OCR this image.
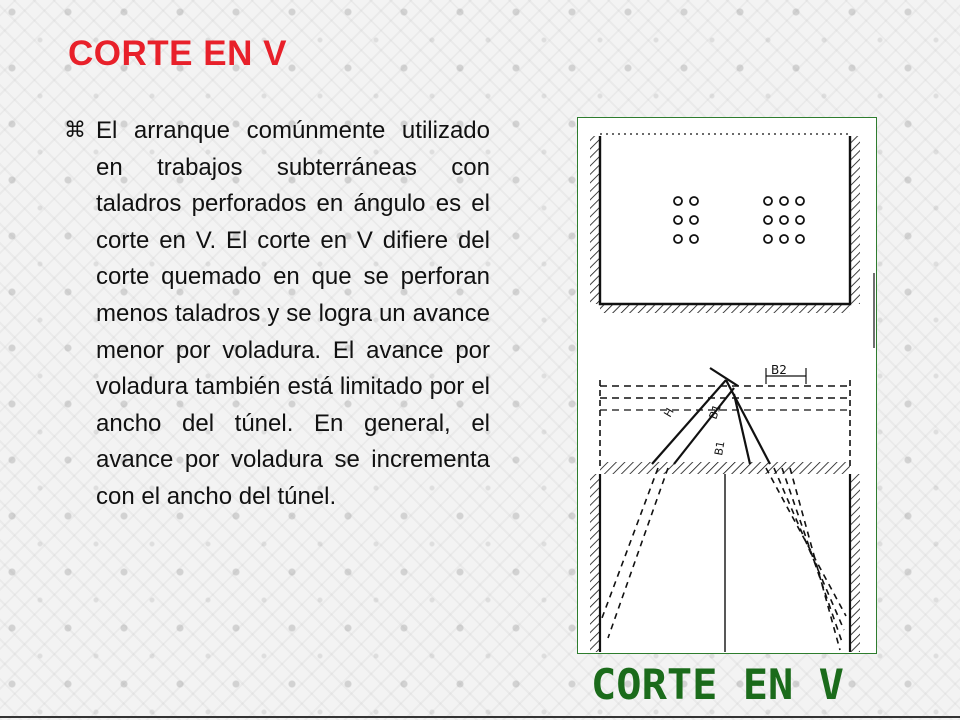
CORTE EN V
⌘ El arranque comúnmente utilizado en trabajos subterráneas con taladros perforados en ángulo es el corte en V. El corte en V difiere del corte quemado en que se perforan menos taladros y se logra un avance menor por voladura. El avance por voladura también está limitado por el ancho del túnel. En general, el avance por voladura se incrementa con el ancho del túnel.

B2
H	B1
B1
CORTE EN V
